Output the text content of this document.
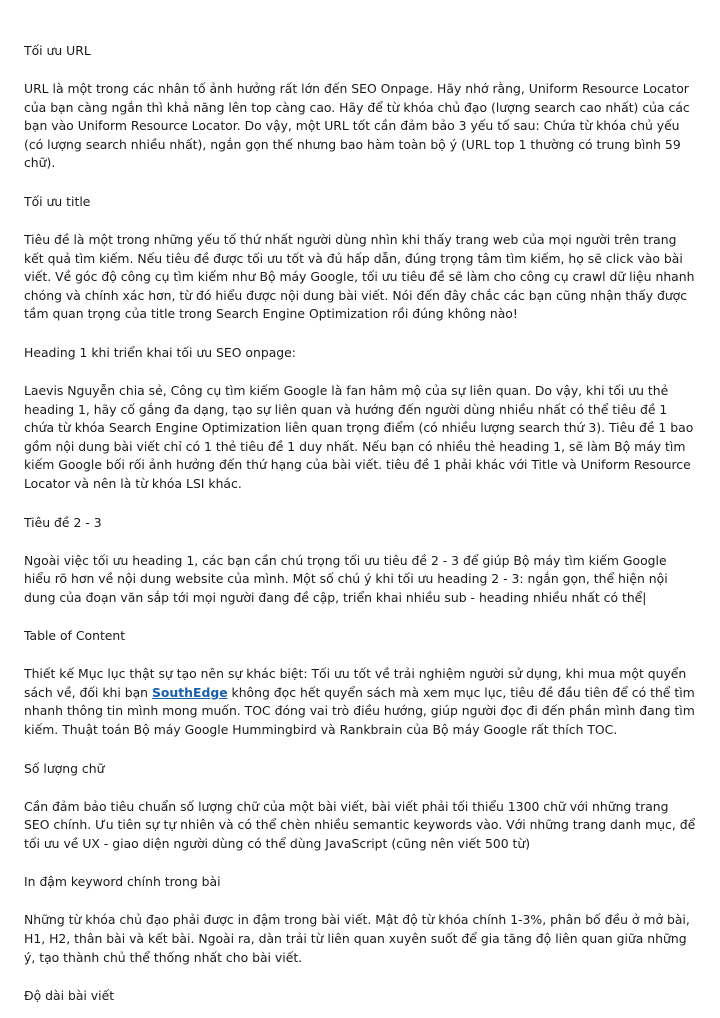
Tối ưu URL
URL là một trong các nhân tố ảnh hưởng rất lớn đến SEO Onpage. Hãy nhớ rằng, Uniform Resource Locator của bạn càng ngắn thì khả năng lên top càng cao. Hãy để từ khóa chủ đạo (lượng search cao nhất) của các bạn vào Uniform Resource Locator. Do vậy, một URL tốt cần đảm bảo 3 yếu tố sau: Chứa từ khóa chủ yếu (có lượng search nhiều nhất), ngắn gọn thế nhưng bao hàm toàn bộ ý (URL top 1 thường có trung bình 59 chữ).
Tối ưu title
Tiêu đề là một trong những yếu tố thứ nhất người dùng nhìn khi thấy trang web của mọi người trên trang kết quả tìm kiếm. Nếu tiêu đề được tối ưu tốt và đủ hấp dẫn, đúng trọng tâm tìm kiếm, họ sẽ click vào bài viết. Về góc độ công cụ tìm kiếm như Bộ máy Google, tối ưu tiêu đề sẽ làm cho công cụ crawl dữ liệu nhanh chóng và chính xác hơn, từ đó hiểu được nội dung bài viết. Nói đến đây chắc các bạn cũng nhận thấy được tầm quan trọng của title trong Search Engine Optimization rồi đúng không nào!
Heading 1 khi triển khai tối ưu SEO onpage:
Laevis Nguyễn chia sẻ, Công cụ tìm kiếm Google là fan hâm mộ của sự liên quan. Do vậy, khi tối ưu thẻ heading 1, hãy cố gắng đa dạng, tạo sự liên quan và hướng đến người dùng nhiều nhất có thể tiêu đề 1 chứa từ khóa Search Engine Optimization liên quan trọng điểm (có nhiều lượng search thứ 3). Tiêu đề 1 bao gồm nội dung bài viết chỉ có 1 thẻ tiêu đề 1 duy nhất. Nếu bạn có nhiều thẻ heading 1, sẽ làm Bộ máy tìm kiếm Google bối rối ảnh hưởng đến thứ hạng của bài viết. tiêu đề 1 phải khác với Title và Uniform Resource Locator và nên là từ khóa LSI khác.
Tiêu đề 2 - 3
Ngoài việc tối ưu heading 1, các bạn cần chú trọng tối ưu tiêu đề 2 - 3 để giúp Bộ máy tìm kiếm Google hiểu rõ hơn về nội dung website của mình. Một số chú ý khi tối ưu heading 2 - 3: ngắn gọn, thể hiện nội dung của đoạn văn sắp tới mọi người đang đề cập, triển khai nhiều sub - heading nhiều nhất có thể|
Table of Content
Thiết kế Mục lục thật sự tạo nên sự khác biệt: Tối ưu tốt về trải nghiệm người sử dụng, khi mua một quyển sách về, đối khi bạn SouthEdge không đọc hết quyển sách mà xem mục lục, tiêu đề đầu tiên để có thể tìm nhanh thông tin mình mong muốn. TOC đóng vai trò điều hướng, giúp người đọc đi đến phần mình đang tìm kiếm. Thuật toán Bộ máy Google Hummingbird và Rankbrain của Bộ máy Google rất thích TOC.
Số lượng chữ
Cần đảm bảo tiêu chuẩn số lượng chữ của một bài viết, bài viết phải tối thiểu 1300 chữ với những trang SEO chính. Ưu tiên sự tự nhiên và có thể chèn nhiều semantic keywords vào. Với những trang danh mục, để tối ưu về UX - giao diện người dùng có thể dùng JavaScript (cũng nên viết 500 từ)
In đậm keyword chính trong bài
Những từ khóa chủ đạo phải được in đậm trong bài viết. Mật độ từ khóa chính 1-3%, phân bố đều ở mở bài, H1, H2, thân bài và kết bài. Ngoài ra, dàn trải từ liên quan xuyên suốt để gia tăng độ liên quan giữa những ý, tạo thành chủ thể thống nhất cho bài viết.
Độ dài bài viết
